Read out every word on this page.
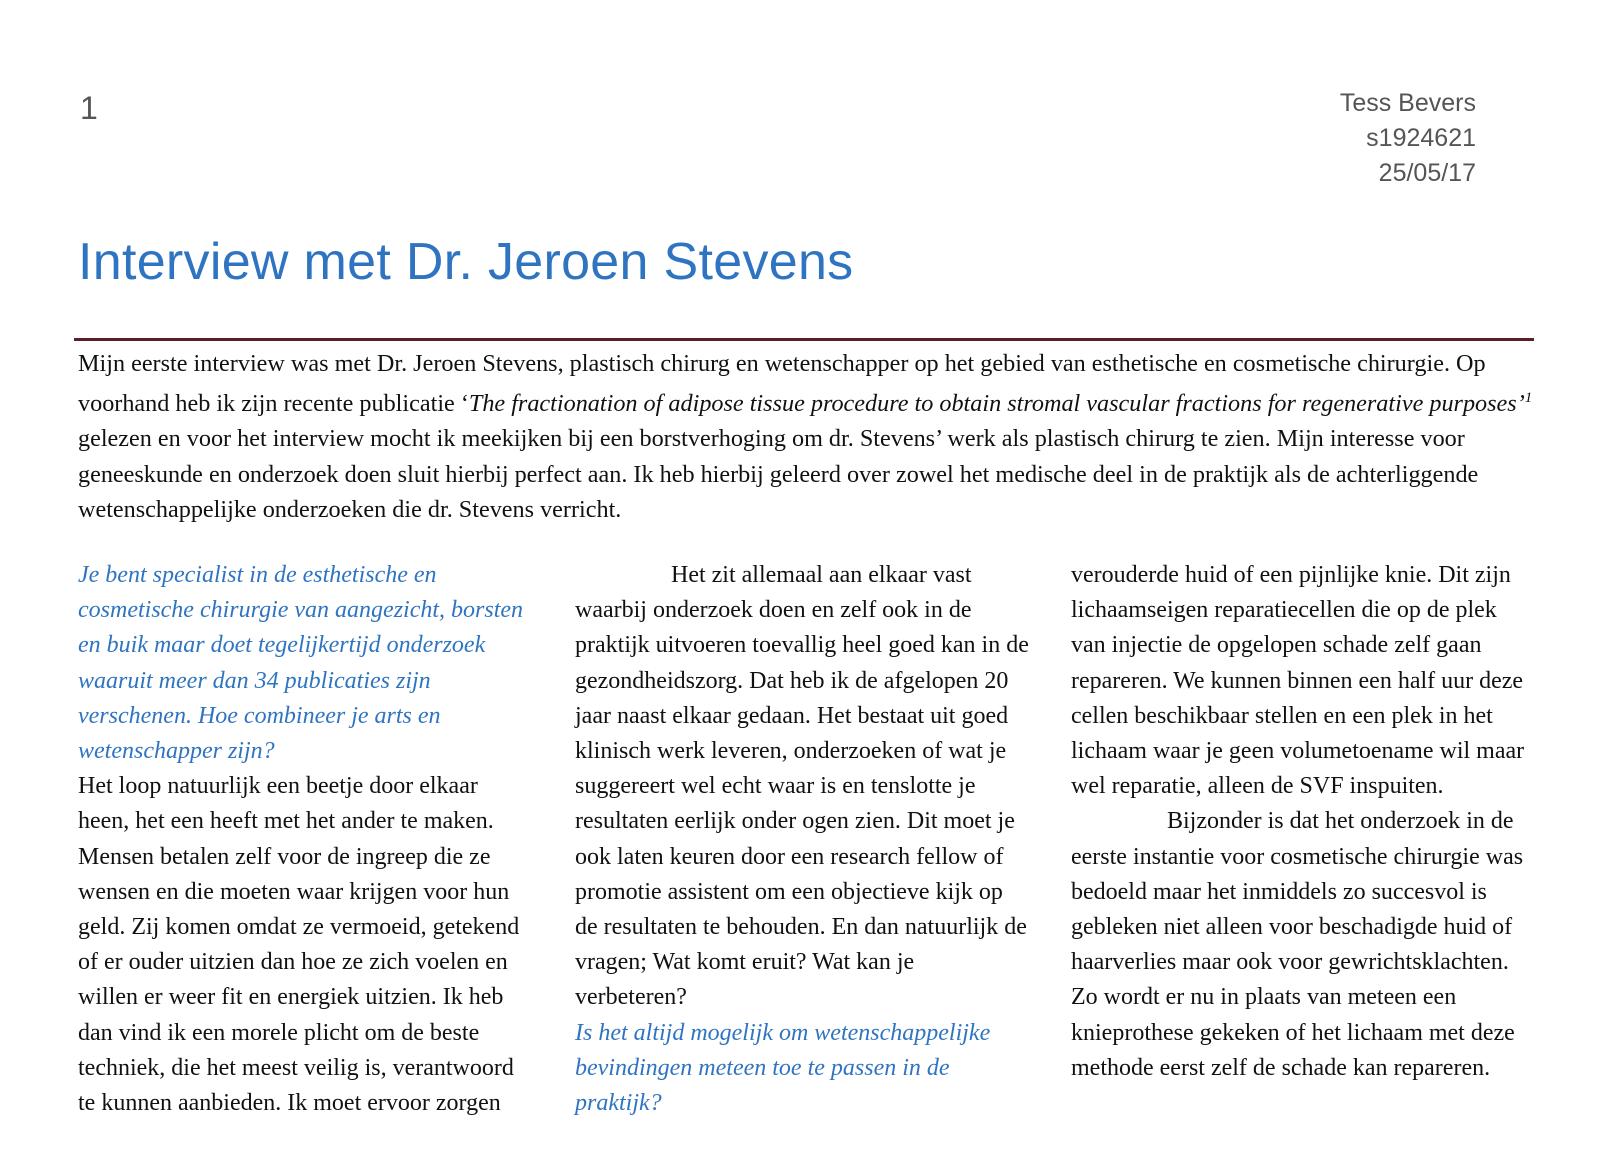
1	Tess Bevers
s1924621
25/05/17
Interview met Dr. Jeroen Stevens

Mijn eerste interview was met Dr. Jeroen Stevens, plastisch chirurg en wetenschapper op het gebied van esthetische en cosmetische chirurgie. Op voorhand heb ik zijn recente publicatie ‘The fractionation of adipose tissue procedure to obtain stromal vascular fractions for regenerative purposes’$^1$ gelezen en voor het interview mocht ik meekijken bij een borstverhoging om dr. Stevens’ werk als plastisch chirurg te zien. Mijn interesse voor geneeskunde en onderzoek doen sluit hierbij perfect aan. Ik heb hierbij geleerd over zowel het medische deel in de praktijk als de achterliggende wetenschappelijke onderzoeken die dr. Stevens verricht.

Je bent specialist in de esthetische en cosmetische chirurgie van aangezicht, borsten en buik maar doet tegelijkertijd onderzoek waaruit meer dan 34 publicaties zijn verschenen. Hoe combineer je arts en wetenschapper zijn?

Het loop natuurlijk een beetje door elkaar heen, het een heeft met het ander te maken. Mensen betalen zelf voor de ingreep die ze wensen en die moeten waar krijgen voor hun geld. Zij komen omdat ze vermoeid, getekend of er ouder uitzien dan hoe ze zich voelen en willen er weer fit en energiek uitzien. Ik heb dan vind ik een morele plicht om de beste techniek, die het meest veilig is, verantwoord te kunnen aanbieden. Ik moet ervoor zorgen

Het zit allemaal aan elkaar vast waarbij onderzoek doen en zelf ook in de praktijk uitvoeren toevallig heel goed kan in de gezondheidszorg. Dat heb ik de afgelopen 20 jaar naast elkaar gedaan. Het bestaat uit goed klinisch werk leveren, onderzoeken of wat je suggereert wel echt waar is en tenslotte je resultaten eerlijk onder ogen zien. Dit moet je ook laten keuren door een research fellow of promotie assistent om een objectieve kijk op de resultaten te behouden. En dan natuurlijk de vragen; Wat komt eruit? Wat kan je verbeteren?

Is het altijd mogelijk om wetenschappelijke bevindingen meteen toe te passen in de praktijk?

verouderde huid of een pijnlijke knie. Dit zijn lichaamseigen reparatiecellen die op de plek van injectie de opgelopen schade zelf gaan repareren. We kunnen binnen een half uur deze cellen beschikbaar stellen en een plek in het lichaam waar je geen volumetoename wil maar wel reparatie, alleen de SVF inspuiten.

Bijzonder is dat het onderzoek in de eerste instantie voor cosmetische chirurgie was bedoeld maar het inmiddels zo succesvol is gebleken niet alleen voor beschadigde huid of haarverlies maar ook voor gewrichtsklachten. Zo wordt er nu in plaats van meteen een knieprothese gekeken of het lichaam met deze methode eerst zelf de schade kan repareren.
